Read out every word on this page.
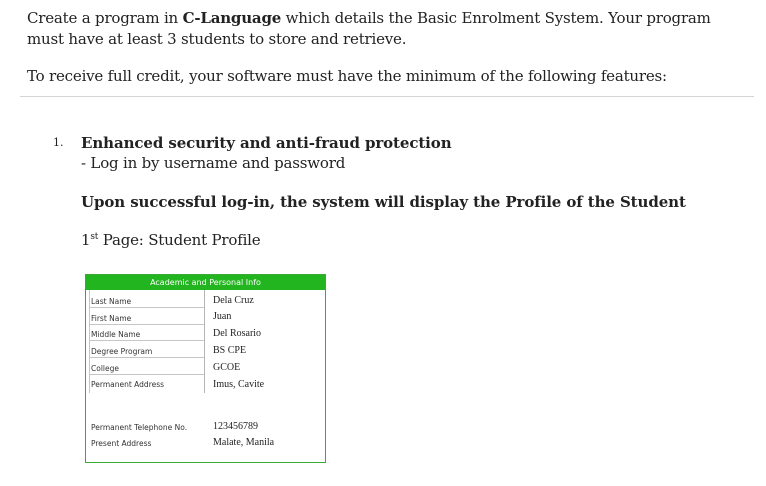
Create a program in C-Language which details the Basic Enrolment System. Your program must have at least 3 students to store and retrieve.
To receive full credit, your software must have the minimum of the following features:
1. Enhanced security and anti-fraud protection
- Log in by username and password
Upon successful log-in, the system will display the Profile of the Student
1st Page: Student Profile
Academic and Personal Info
Last Name	Dela Cruz
First Name	Juan
Middle Name	Del Rosario
Degree Program	BS CPE
College	GCOE
Permanent Address	Imus, Cavite
Permanent Telephone No.	123456789
Present Address	Malate, Manila
